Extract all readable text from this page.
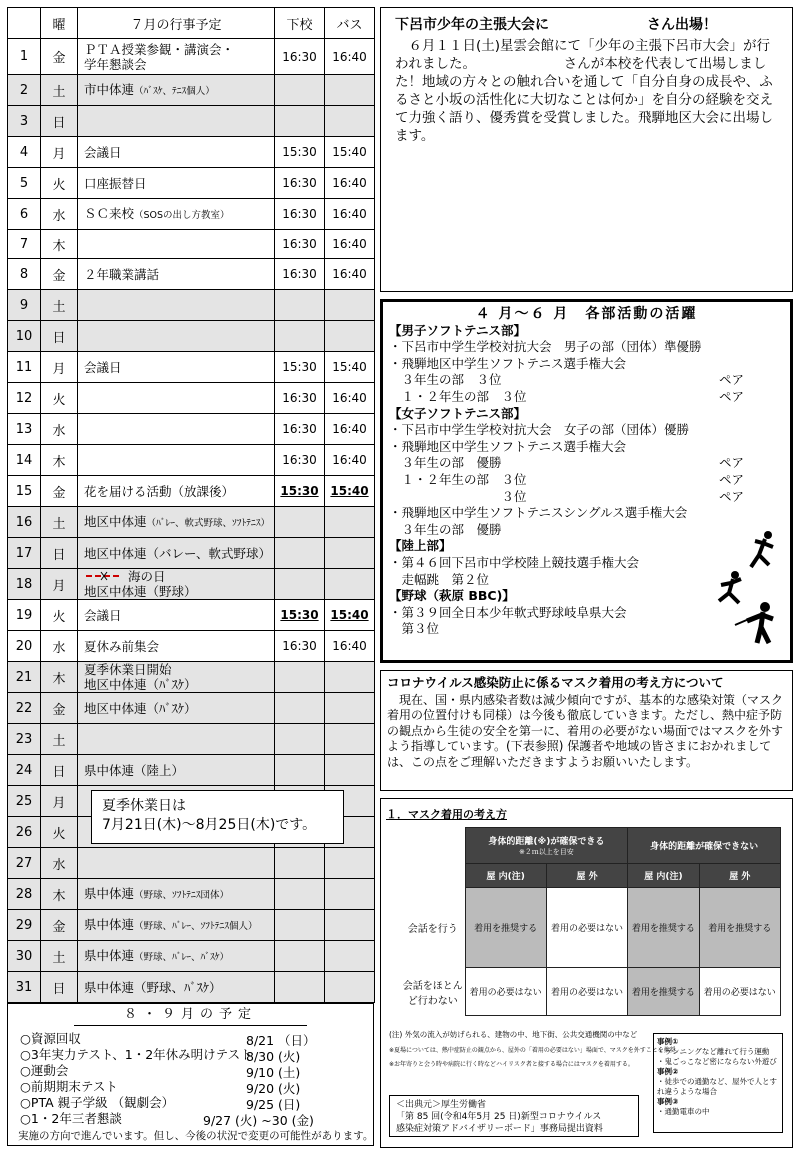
	曜	７月の行事予定	下校	バス
1	金	ＰＴＡ授業参観・講演会・
学年懇談会	16:30	16:40
2	土	市中体連（ﾊﾞｽｹ、ﾃﾆｽ個人）		
3	日			
4	月	会議日	15:30	15:40
5	火	口座振替日	16:30	16:40
6	水	ＳＣ来校（SOSの出し方教室）	16:30	16:40
7	木		16:30	16:40
8	金	２年職業講話	16:30	16:40
9	土			
10	日			
11	月	会議日	15:30	15:40
12	火		16:30	16:40
13	水		16:30	16:40
14	木		16:30	16:40
15	金	花を届ける活動（放課後）	15:30	15:40
16	土	地区中体連（ﾊﾞﾚｰ、軟式野球、ｿﾌﾄﾃﾆｽ）		
17	日	地区中体連（バレー、軟式野球）		
18	月	海の日
地区中体連（野球）		
19	火	会議日	15:30	15:40
20	水	夏休み前集会	16:30	16:40
21	木	夏季休業日開始
地区中体連（ﾊﾞｽｹ）		
22	金	地区中体連（ﾊﾞｽｹ）		
23	土			
24	日	県中体連（陸上）		
25	月			
26	火			
27	水			
28	木	県中体連（野球、ｿﾌﾄﾃﾆｽ団体）		
29	金	県中体連（野球、ﾊﾞﾚｰ、ｿﾌﾄﾃﾆｽ個人）		
30	土	県中体連（野球、ﾊﾞﾚｰ、ﾊﾞｽｹ）		
31	日	県中体連（野球、ﾊﾞｽｹ）		
夏季休業日は
7月21日(木)～8月25日(木)です。
８・９月の予定
○資源回収	8/21 （日）
○3年実力テスト、1・2年休み明けテスト
8/30 (火)
○運動会	9/10 (土)
○前期期末テスト	9/20 (火)
○PTA 親子学級 （観劇会）	9/25 (日)
○1・2年三者懇談	9/27 (火) ~30 (金)
実施の方向で進んでいます。但し、今後の状況で変更の可能性があります。
下呂市少年の主張大会に　　　　　　　さん出場！
　６月１１日(土)星雲会館にて「少年の主張下呂市大会」が行われました。　　　　　　　さんが本校を代表して出場しました！地域の方々との触れ合いを通して「自分自身の成長や、ふるさと小坂の活性化に大切なことは何か」を自分の経験を交えて力強く語り、優秀賞を受賞しました。飛騨地区大会に出場します。
４ 月～６ 月　各部活動の活躍
【男子ソフトテニス部】
・下呂市中学生学校対抗大会　男子の部（団体）準優勝
・飛騨地区中学生ソフトテニス選手権大会
　３年生の部　３位	ペア
　１・２年生の部　３位	ペア
【女子ソフトテニス部】
・下呂市中学生学校対抗大会　女子の部（団体）優勝
・飛騨地区中学生ソフトテニス選手権大会
　３年生の部　優勝	ペア
　１・２年生の部　３位	ペア
　　　　　　　　　３位	ペア
・飛騨地区中学生ソフトテニスシングルス選手権大会
　３年生の部　優勝
【陸上部】
・第４６回下呂市中学校陸上競技選手権大会
　走幅跳　第２位
【野球（萩原 BBC)】
・第３９回全日本少年軟式野球岐阜県大会
　第３位
コロナウイルス感染防止に係るマスク着用の考え方について
　現在、国・県内感染者数は減少傾向ですが、基本的な感染対策（マスク着用の位置付けも同様）は今後も徹底していきます。ただし、熱中症予防の観点から生徒の安全を第一に、着用の必要がない場面ではマスクを外すよう指導しています。(下表参照) 保護者や地域の皆さまにおかれましては、この点をご理解いただきますようお願いいたします。
１．マスク着用の考え方
	身体的距離(※)が確保できる
※２ｍ以上を目安		身体的距離が確保できない	
	屋 内(注)	屋 外	屋 内(注)	屋 外
会話を行う	着用を推奨する	着用の必要はない	着用を推奨する	着用を推奨する
会話をほとんど行わない	着用の必要はない	着用の必要はない	着用を推奨する	着用の必要はない
(注) 外気の流入が妨げられる、建物の中、地下街、公共交通機関の中など
※夏場については、熱中症防止の観点から、屋外の「着用の必要はない」場面で、マスクを外すことを推奨。
※お年寄りと会う時や病院に行く時などハイリスク者と接する場合にはマスクを着用する。
事例①
・ランニングなど離れて行う運動
・鬼ごっこなど密にならない外遊び
事例②
・徒歩での通勤など、屋外で人とすれ違うような場合
事例③
・通勤電車の中
＜出典元＞厚生労働省
「第 85 回(令和4年5月 25 日)新型コロナウイルス
感染症対策アドバイザリーボード」事務局提出資料
